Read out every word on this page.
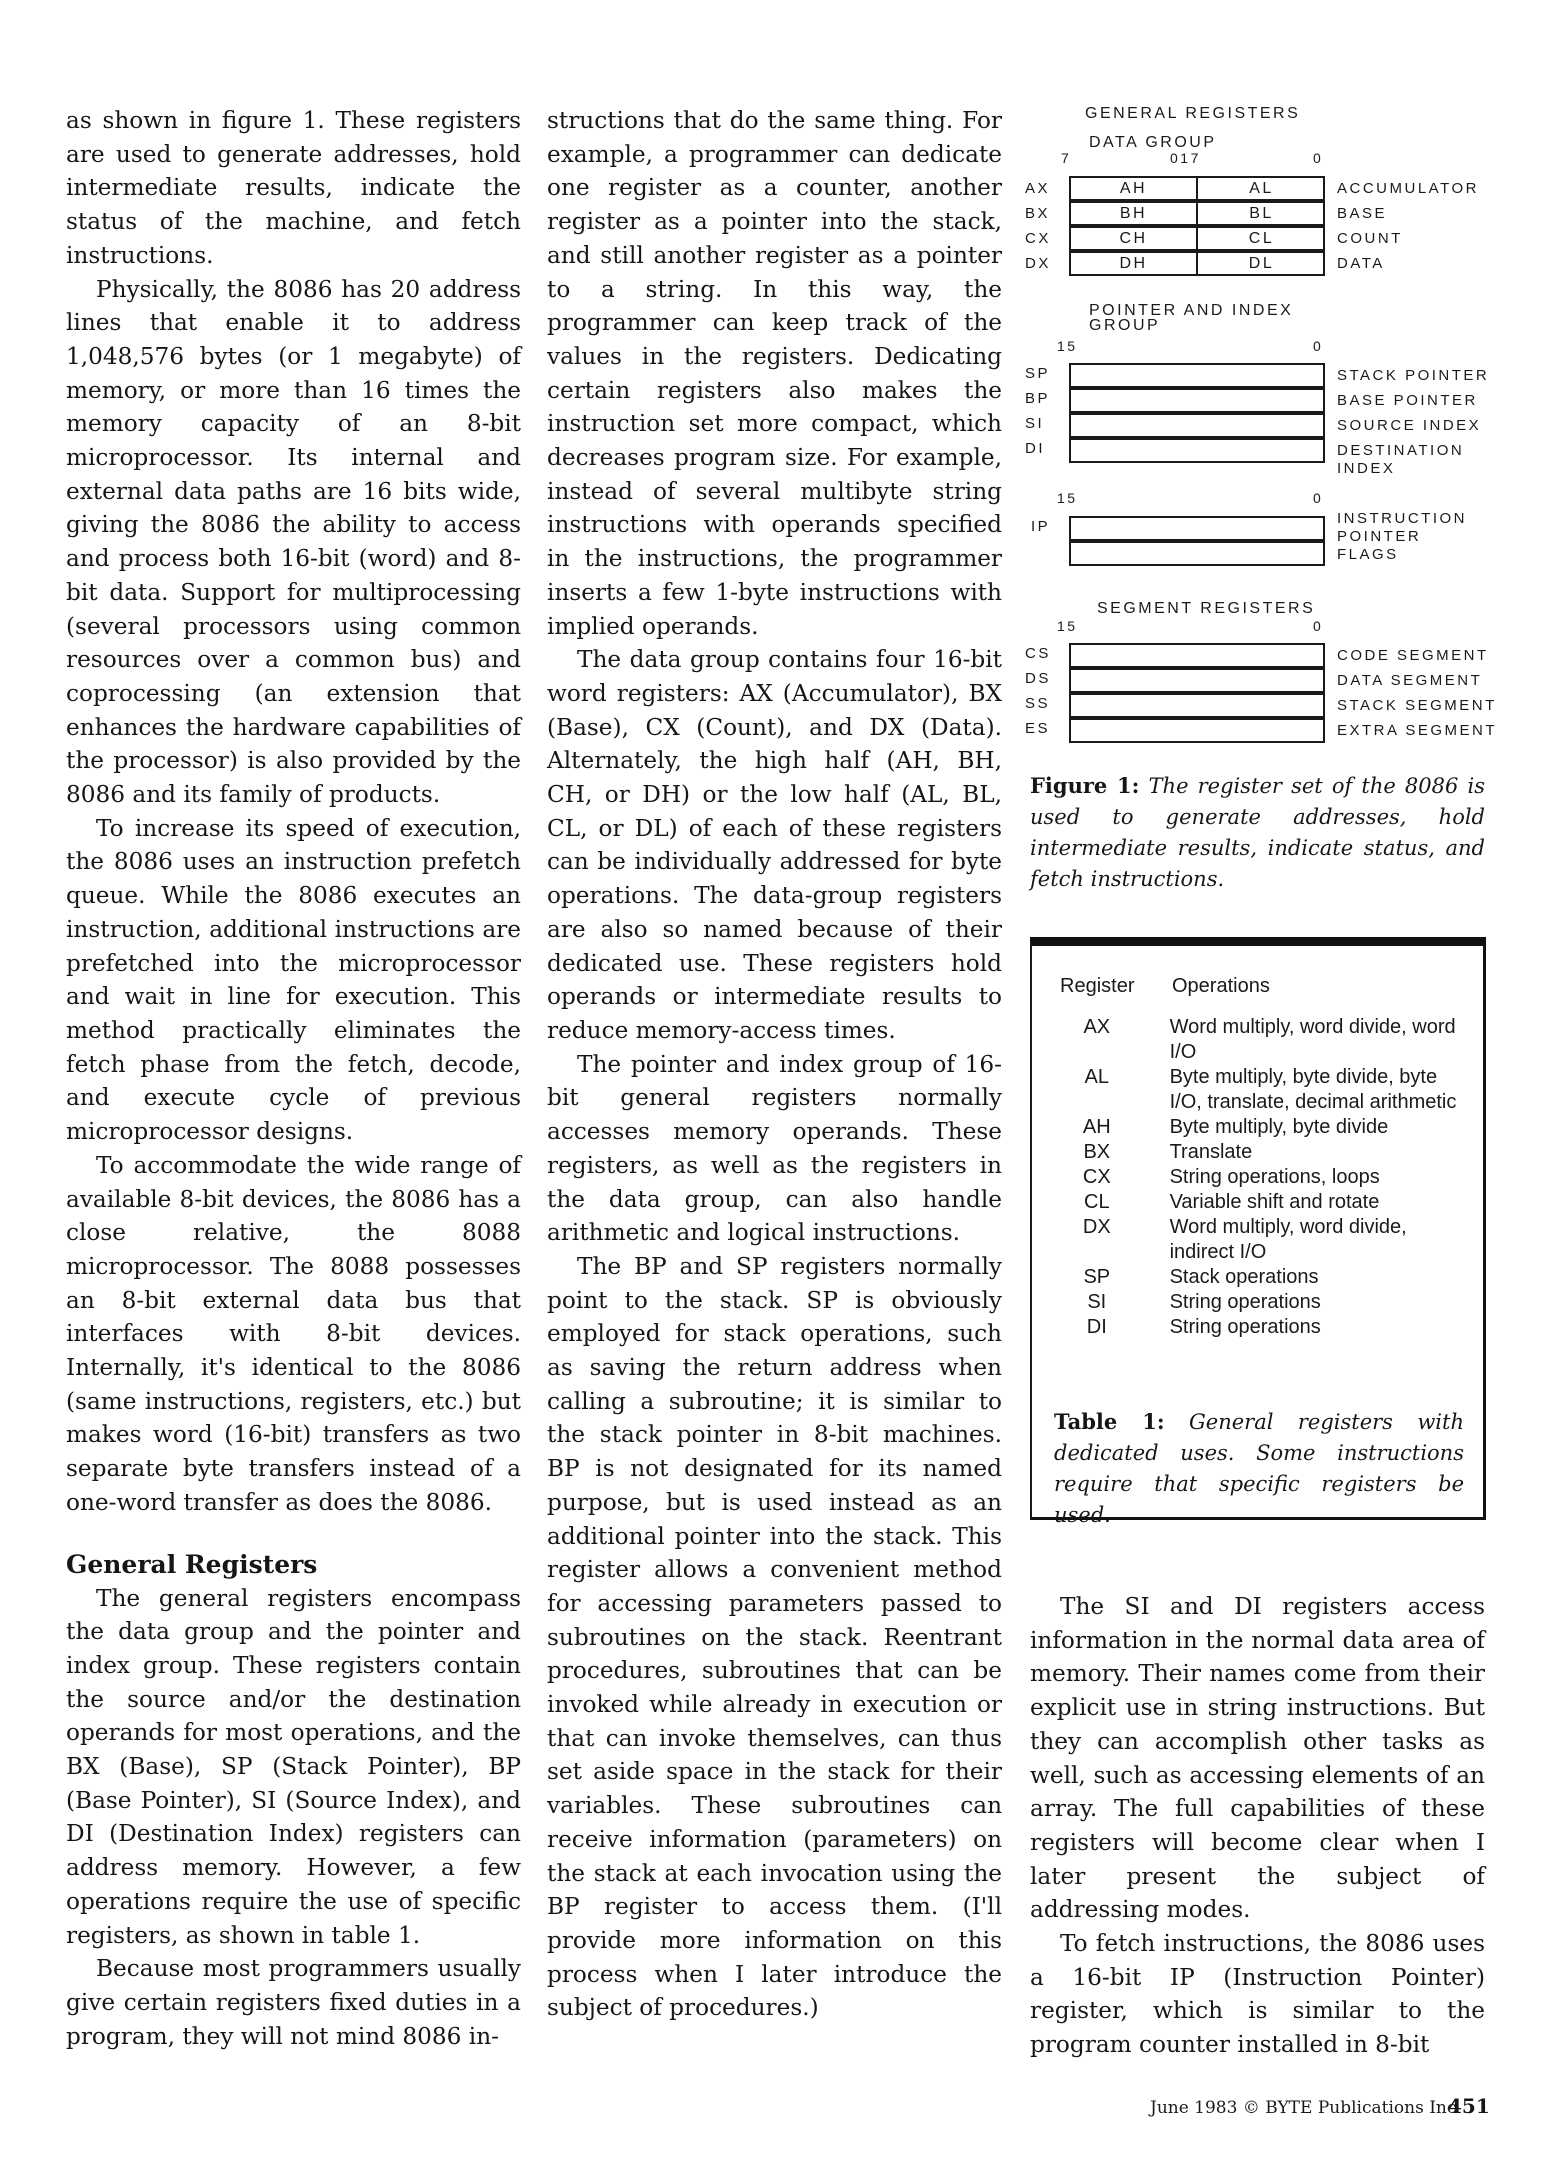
as shown in figure 1. These registers are used to generate addresses, hold intermediate results, indicate the status of the machine, and fetch instructions.

Physically, the 8086 has 20 address lines that enable it to address 1,048,576 bytes (or 1 megabyte) of memory, or more than 16 times the memory capacity of an 8-bit microprocessor. Its internal and external data paths are 16 bits wide, giving the 8086 the ability to access and process both 16-bit (word) and 8-bit data. Support for multiprocessing (several processors using common resources over a common bus) and coprocessing (an extension that enhances the hardware capabilities of the processor) is also provided by the 8086 and its family of products.

To increase its speed of execution, the 8086 uses an instruction prefetch queue. While the 8086 executes an instruction, additional instructions are prefetched into the microprocessor and wait in line for execution. This method practically eliminates the fetch phase from the fetch, decode, and execute cycle of previous microprocessor designs.

To accommodate the wide range of available 8-bit devices, the 8086 has a close relative, the 8088 microprocessor. The 8088 possesses an 8-bit external data bus that interfaces with 8-bit devices. Internally, it's identical to the 8086 (same instructions, registers, etc.) but makes word (16-bit) transfers as two separate byte transfers instead of a one-word transfer as does the 8086.

General Registers

The general registers encompass the data group and the pointer and index group. These registers contain the source and/or the destination operands for most operations, and the BX (Base), SP (Stack Pointer), BP (Base Pointer), SI (Source Index), and DI (Destination Index) registers can address memory. However, a few operations require the use of specific registers, as shown in table 1.

Because most programmers usually give certain registers fixed duties in a program, they will not mind 8086 in-

structions that do the same thing. For example, a programmer can dedicate one register as a counter, another register as a pointer into the stack, and still another register as a pointer to a string. In this way, the programmer can keep track of the values in the registers. Dedicating certain registers also makes the instruction set more compact, which decreases program size. For example, instead of several multibyte string instructions with operands specified in the instructions, the programmer inserts a few 1-byte instructions with implied operands.

The data group contains four 16-bit word registers: AX (Accumulator), BX (Base), CX (Count), and DX (Data). Alternately, the high half (AH, BH, CH, or DH) or the low half (AL, BL, CL, or DL) of each of these registers can be individually addressed for byte operations. The data-group registers are also so named because of their dedicated use. These registers hold operands or intermediate results to reduce memory-access times.

The pointer and index group of 16-bit general registers normally accesses memory operands. These registers, as well as the registers in the data group, can also handle arithmetic and logical instructions.

The BP and SP registers normally point to the stack. SP is obviously employed for stack operations, such as saving the return address when calling a subroutine; it is similar to the stack pointer in 8-bit machines. BP is not designated for its named purpose, but is used instead as an additional pointer into the stack. This register allows a convenient method for accessing parameters passed to subroutines on the stack. Reentrant procedures, subroutines that can be invoked while already in execution or that can invoke themselves, can thus set aside space in the stack for their variables. These subroutines can receive information (parameters) on the stack at each invocation using the BP register to access them. (I'll provide more information on this process when I later introduce the subject of procedures.)

GENERAL REGISTERS
DATA GROUP
7	017	0
AX	AH	AL	ACCUMULATOR
BX	BH	BL	BASE
CX	CH	CL	COUNT
DX	DH	DL	DATA
POINTER AND INDEX GROUP
15	0
SP	STACK POINTER
BP	BASE POINTER
SI	SOURCE INDEX
DI	DESTINATION INDEX
15	0
IP	INSTRUCTION POINTER
FLAGS
SEGMENT REGISTERS
15	0
CS	CODE SEGMENT
DS	DATA SEGMENT
SS	STACK SEGMENT
ES	EXTRA SEGMENT
Figure 1: The register set of the 8086 is used to generate addresses, hold intermediate results, indicate status, and fetch instructions.
Register	Operations
AX	Word multiply, word divide, word I/O
AL	Byte multiply, byte divide, byte I/O, translate, decimal arithmetic
AH	Byte multiply, byte divide
BX	Translate
CX	String operations, loops
CL	Variable shift and rotate
DX	Word multiply, word divide, indirect I/O
SP	Stack operations
SI	String operations
DI	String operations
Table 1: General registers with dedicated uses. Some instructions require that specific registers be used.

The SI and DI registers access information in the normal data area of memory. Their names come from their explicit use in string instructions. But they can accomplish other tasks as well, such as accessing elements of an array. The full capabilities of these registers will become clear when I later present the subject of addressing modes.

To fetch instructions, the 8086 uses a 16-bit IP (Instruction Pointer) register, which is similar to the program counter installed in 8-bit

June 1983 © BYTE Publications Inc
451
